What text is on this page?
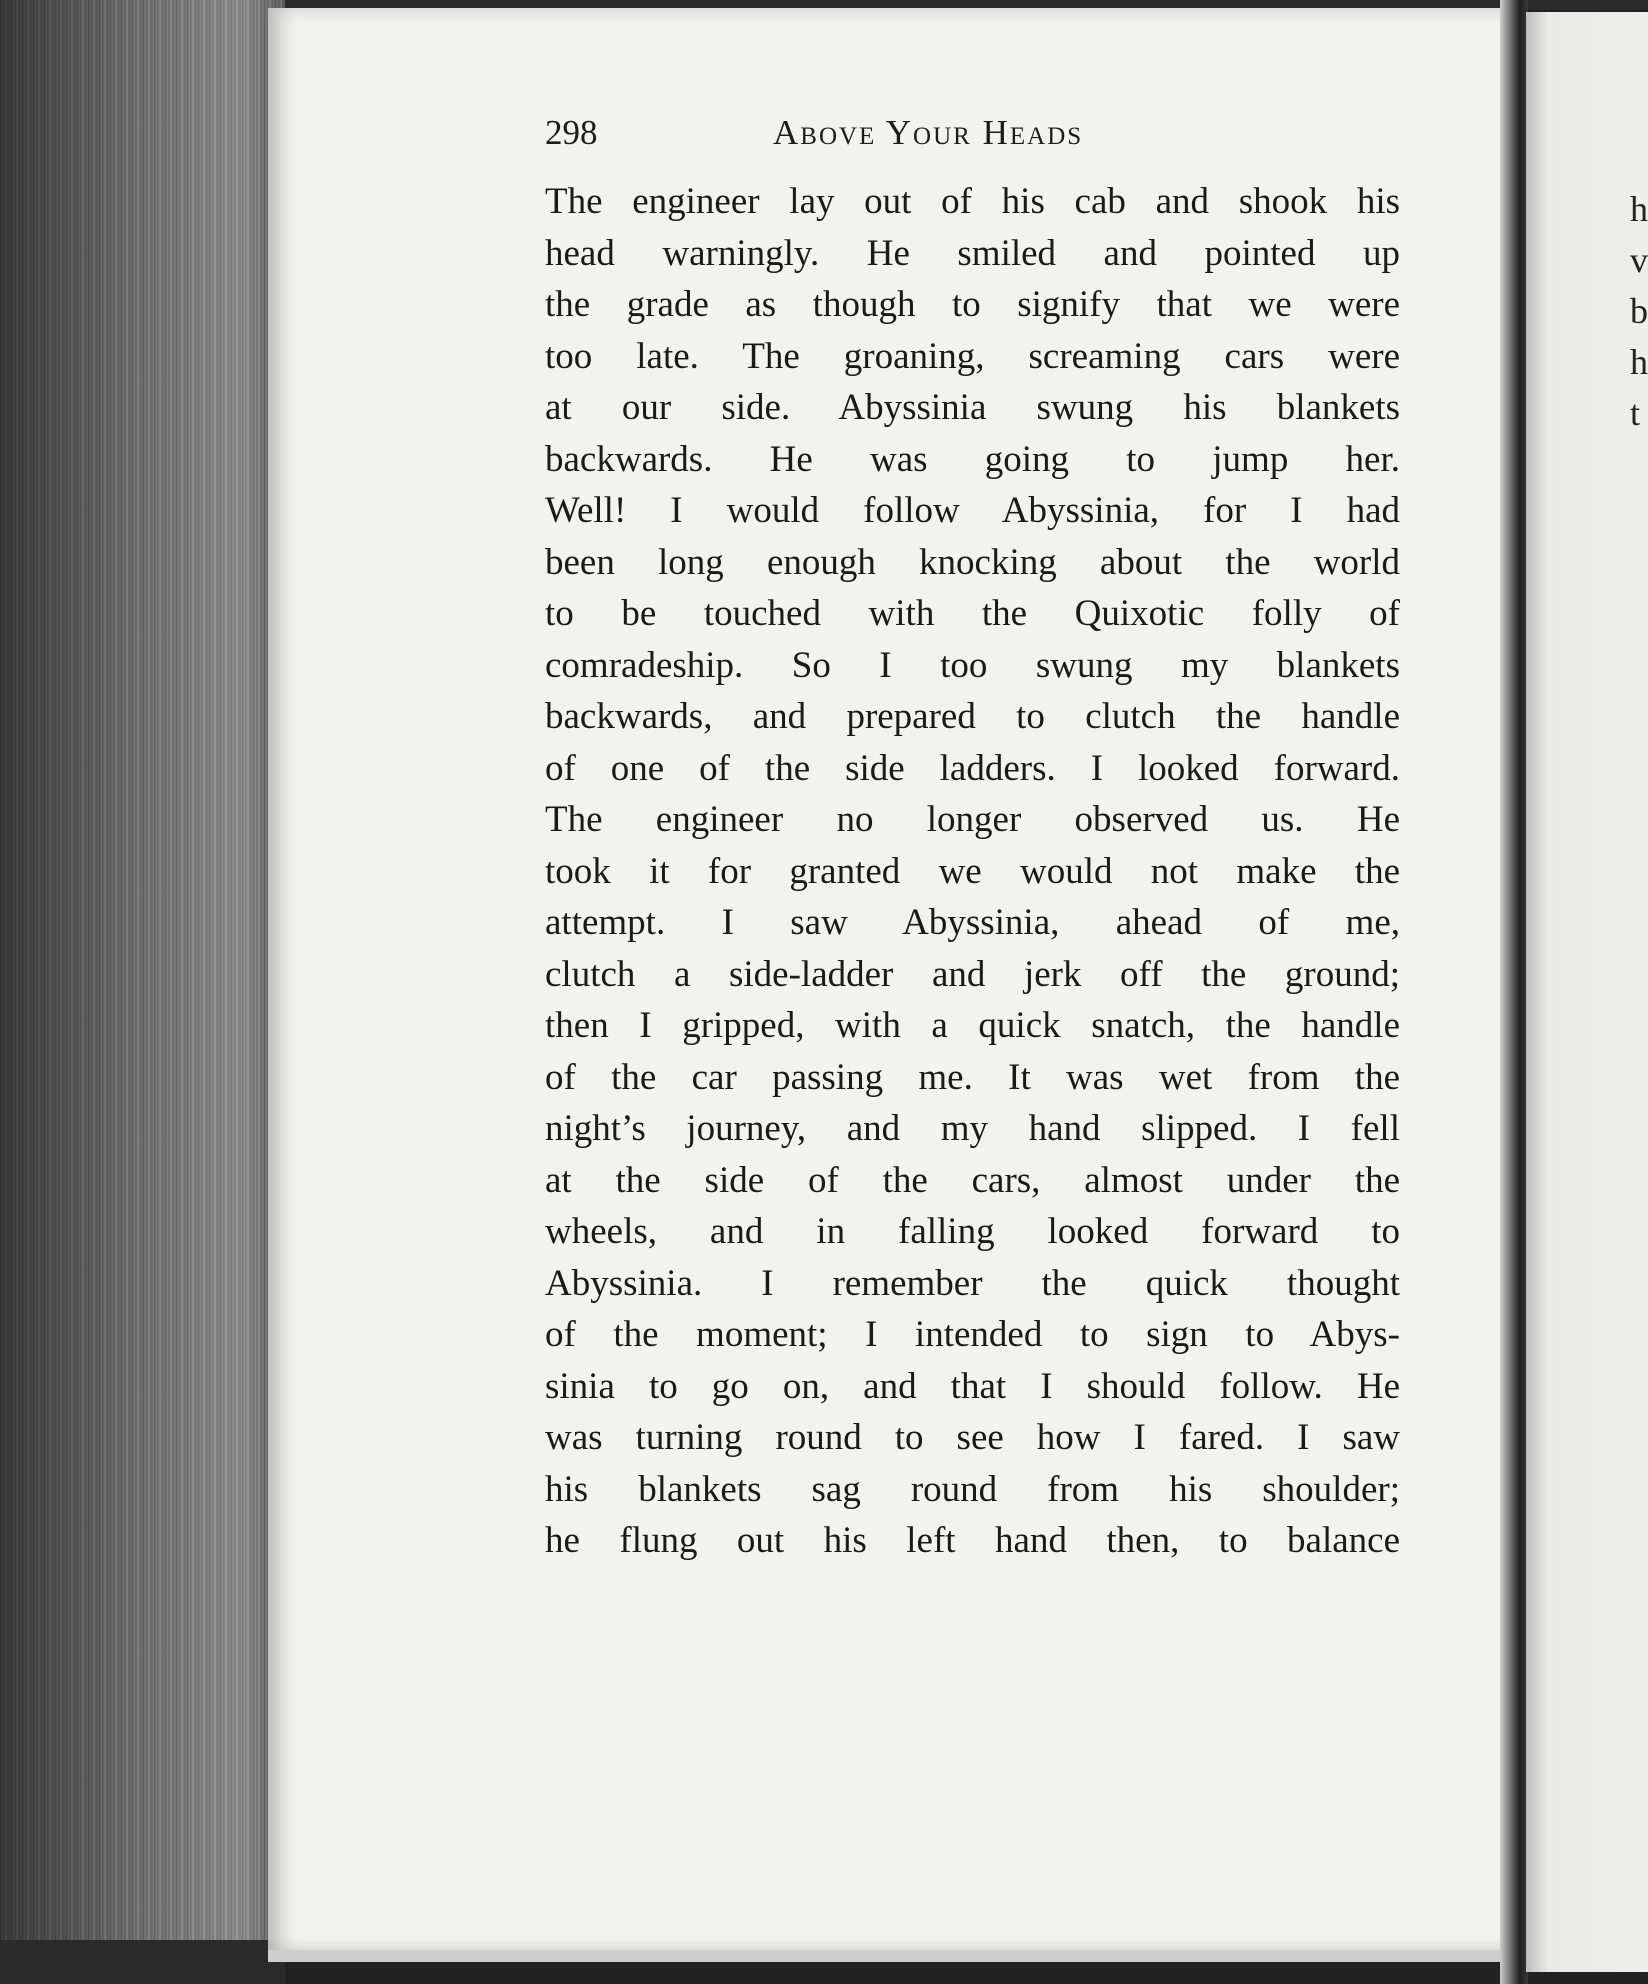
298	Above Your Heads
The engineer lay out of his cab and shook his
head warningly. He smiled and pointed up
the grade as though to signify that we were
too late. The groaning, screaming cars were
at our side. Abyssinia swung his blankets
backwards. He was going to jump her.
Well! I would follow Abyssinia, for I had
been long enough knocking about the world
to be touched with the Quixotic folly of
comradeship. So I too swung my blankets
backwards, and prepared to clutch the handle
of one of the side ladders. I looked forward.
The engineer no longer observed us. He
took it for granted we would not make the
attempt. I saw Abyssinia, ahead of me,
clutch a side-ladder and jerk off the ground;
then I gripped, with a quick snatch, the handle
of the car passing me. It was wet from the
night’s journey, and my hand slipped. I fell
at the side of the cars, almost under the
wheels, and in falling looked forward to
Abyssinia. I remember the quick thought
of the moment; I intended to sign to Abys-
sinia to go on, and that I should follow. He
was turning round to see how I fared. I saw
his blankets sag round from his shoulder;
he flung out his left hand then, to balance
h
v
b
h
t
